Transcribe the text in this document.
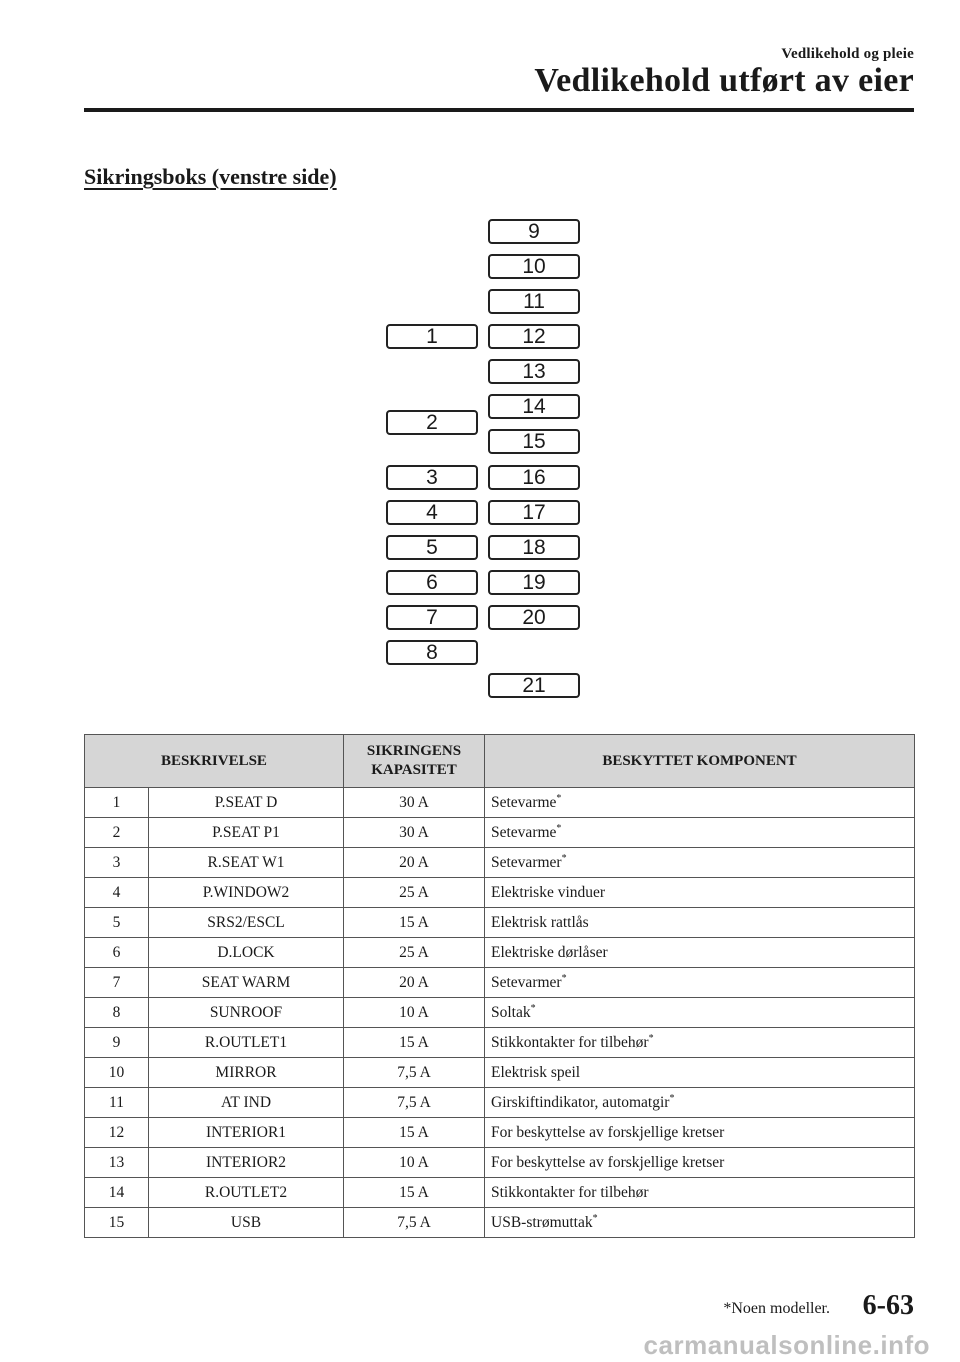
Vedlikehold og pleie
Vedlikehold utført av eier
Sikringsboks (venstre side)
1
2
3
4
5
6
7
8
9
10
11
12
13
14
15
16
17
18
19
20
21
BESKRIVELSE		SIKRINGENS KAPASITET	BESKYTTET KOMPONENT
1	P.SEAT D	30 A	Setevarme*
2	P.SEAT P1	30 A	Setevarme*
3	R.SEAT W1	20 A	Setevarmer*
4	P.WINDOW2	25 A	Elektriske vinduer
5	SRS2/ESCL	15 A	Elektrisk rattlås
6	D.LOCK	25 A	Elektriske dørlåser
7	SEAT WARM	20 A	Setevarmer*
8	SUNROOF	10 A	Soltak*
9	R.OUTLET1	15 A	Stikkontakter for tilbehør*
10	MIRROR	7,5 A	Elektrisk speil
11	AT IND	7,5 A	Girskiftindikator, automatgir*
12	INTERIOR1	15 A	For beskyttelse av forskjellige kretser
13	INTERIOR2	10 A	For beskyttelse av forskjellige kretser
14	R.OUTLET2	15 A	Stikkontakter for tilbehør
15	USB	7,5 A	USB-strømuttak*
*Noen modeller. 6-63
carmanualsonline.info
